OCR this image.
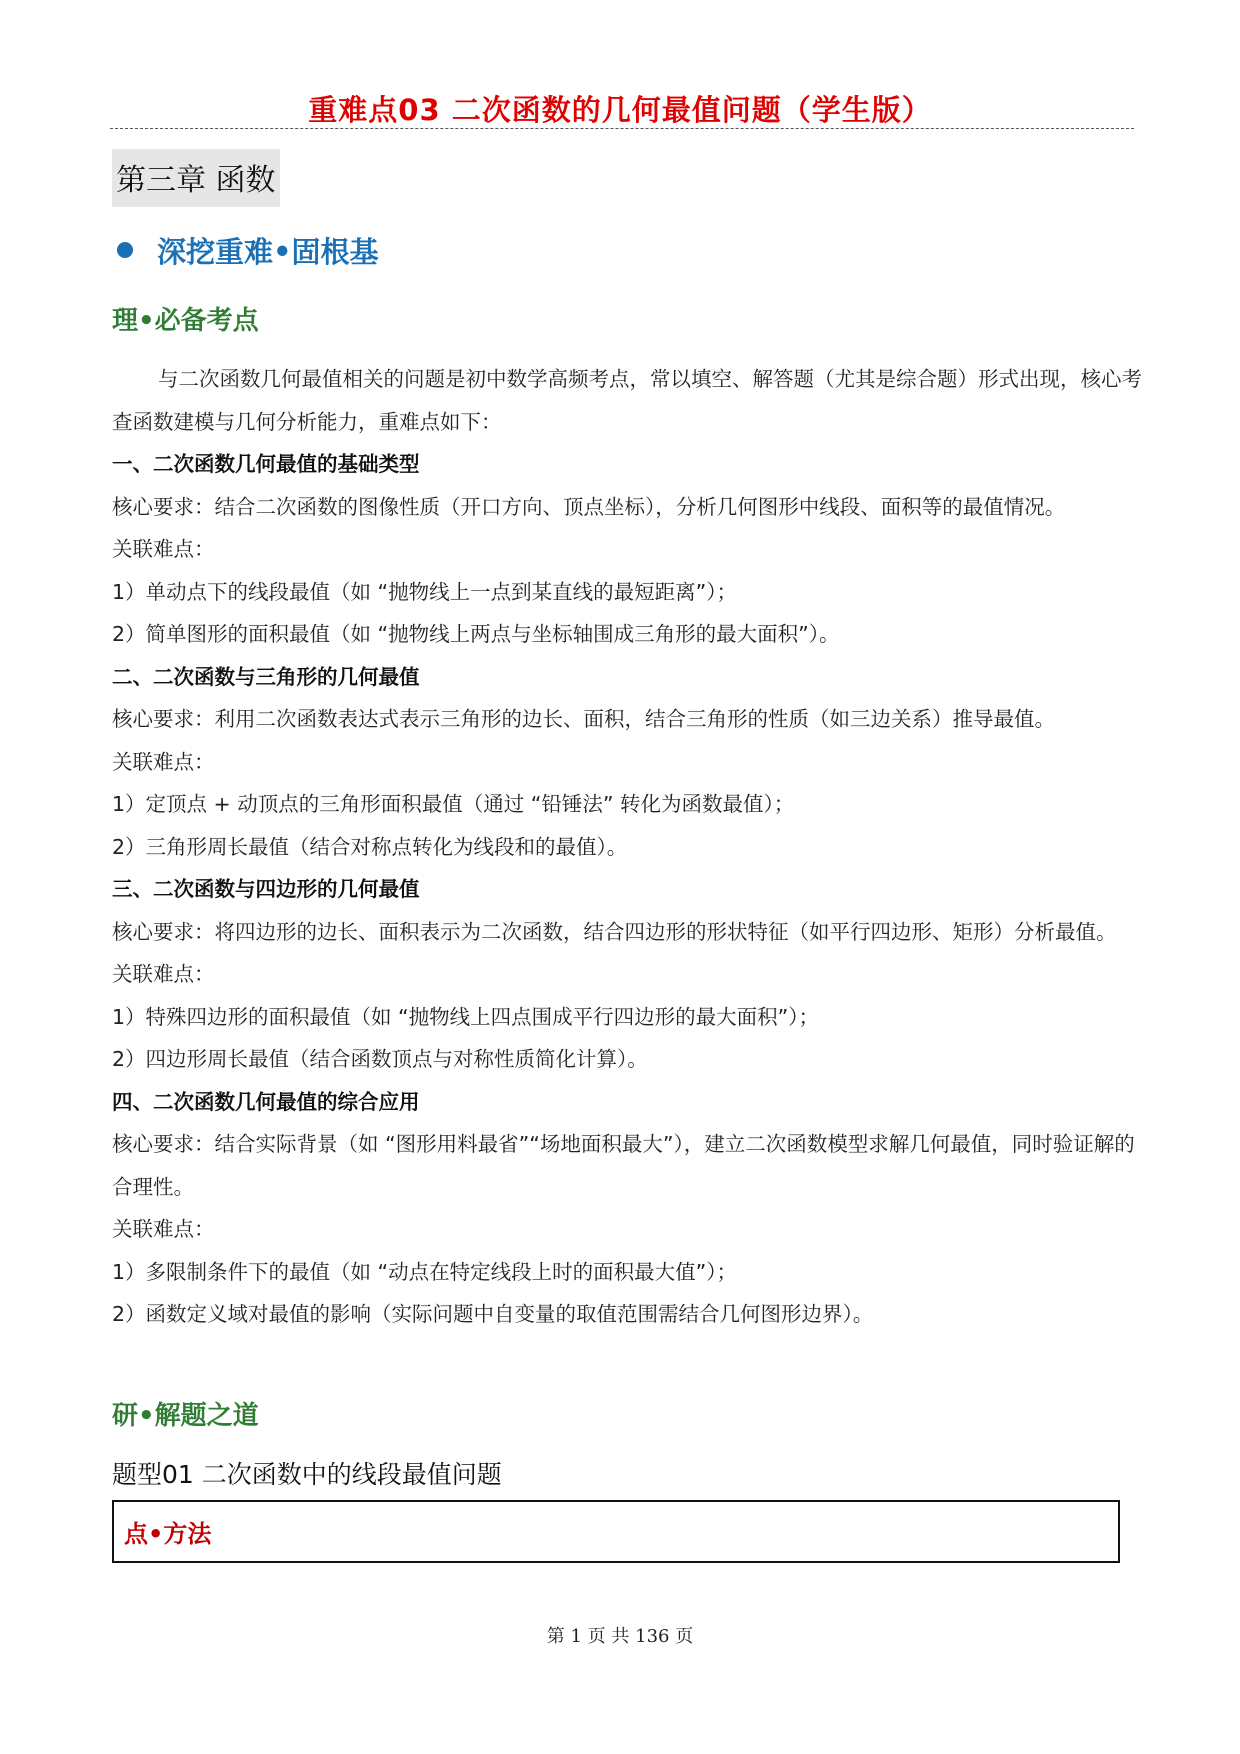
重难点03 二次函数的几何最值问题（学生版）
第三章 函数
深挖重难•固根基
理•必备考点

与二次函数几何最值相关的问题是初中数学高频考点，常以填空、解答题（尤其是综合题）形式出现，核心考查函数建模与几何分析能力，重难点如下：

一、二次函数几何最值的基础类型

核心要求：结合二次函数的图像性质（开口方向、顶点坐标），分析几何图形中线段、面积等的最值情况。

关联难点：

1）单动点下的线段最值（如 “抛物线上一点到某直线的最短距离”）；

2）简单图形的面积最值（如 “抛物线上两点与坐标轴围成三角形的最大面积”）。

二、二次函数与三角形的几何最值

核心要求：利用二次函数表达式表示三角形的边长、面积，结合三角形的性质（如三边关系）推导最值。

关联难点：

1）定顶点 + 动顶点的三角形面积最值（通过 “铅锤法” 转化为函数最值）；

2）三角形周长最值（结合对称点转化为线段和的最值）。

三、二次函数与四边形的几何最值

核心要求：将四边形的边长、面积表示为二次函数，结合四边形的形状特征（如平行四边形、矩形）分析最值。

关联难点：

1）特殊四边形的面积最值（如 “抛物线上四点围成平行四边形的最大面积”）；

2）四边形周长最值（结合函数顶点与对称性质简化计算）。

四、二次函数几何最值的综合应用

核心要求：结合实际背景（如 “图形用料最省”“场地面积最大”），建立二次函数模型求解几何最值，同时验证解的合理性。

关联难点：

1）多限制条件下的最值（如 “动点在特定线段上时的面积最大值”）；

2）函数定义域对最值的影响（实际问题中自变量的取值范围需结合几何图形边界）。

研•解题之道
题型01 二次函数中的线段最值问题
点•方法
第 1 页 共 136 页
